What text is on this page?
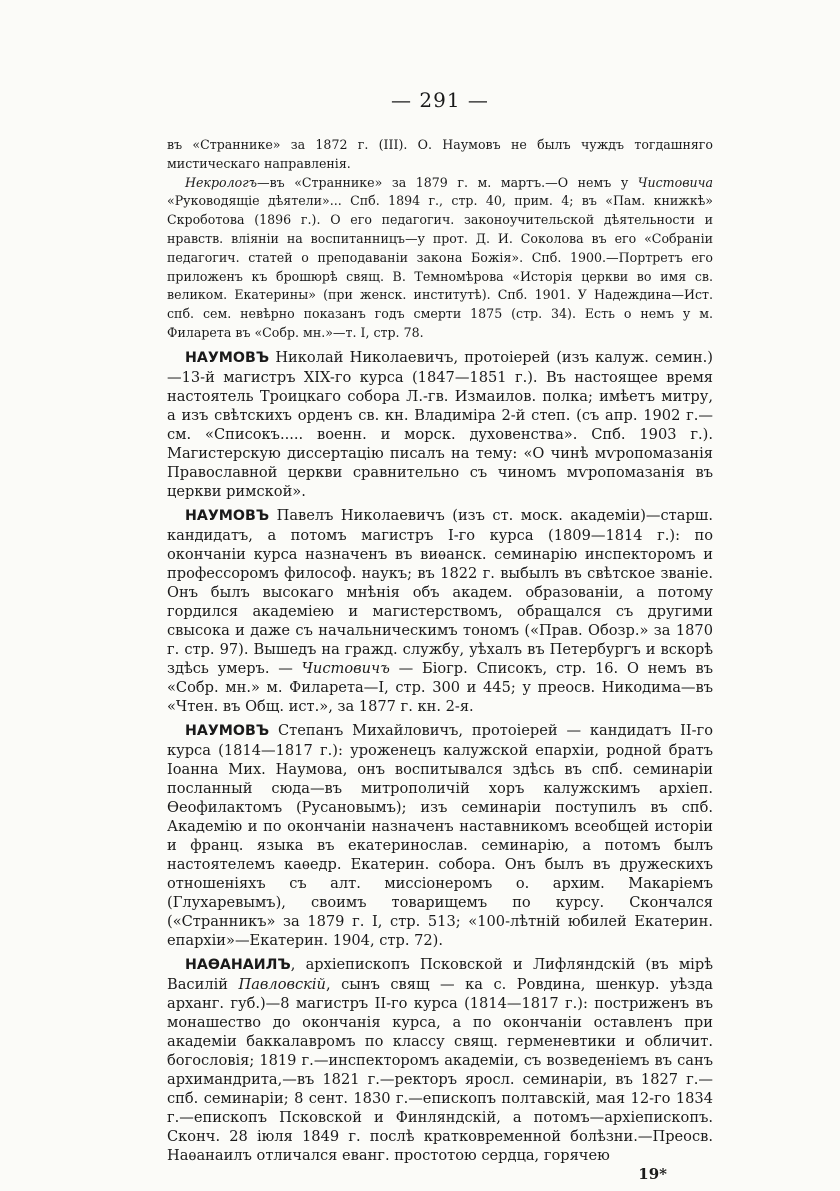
— 291 —

въ «Страннике» за 1872 г. (III). О. Наумовъ не былъ чуждъ тогдашняго мистическаго направленія.

Некрологъ—въ «Страннике» за 1879 г. м. мартъ.—О немъ у Чистовича «Руководящіе дѣятели»... Спб. 1894 г., стр. 40, прим. 4; въ «Пам. книжкѣ» Скроботова (1896 г.). О его педагогич. законоучительской дѣятельности и нравств. вліяніи на воспитанницъ—у прот. Д. И. Соколова въ его «Собраніи педагогич. статей о преподаваніи закона Божія». Спб. 1900.—Портретъ его приложенъ къ брошюрѣ свящ. В. Темномѣрова «Исторія церкви во имя св. великом. Екатерины» (при женск. институтѣ). Спб. 1901. У Надеждина—Ист. спб. сем. невѣрно показанъ годъ смерти 1875 (стр. 34). Есть о немъ у м. Филарета въ «Собр. мн.»—т. I, стр. 78.

НАУМОВЪ Николай Николаевичъ, протоіерей (изъ калуж. семин.)—13-й магистръ XIX-го курса (1847—1851 г.). Въ настоящее время настоятель Троицкаго собора Л.-гв. Измаилов. полка; имѣетъ митру, а изъ свѣтскихъ орденъ св. кн. Владиміра 2-й степ. (съ апр. 1902 г.—см. «Списокъ..... военн. и морск. духовенства». Спб. 1903 г.). Магистерскую диссертацію писалъ на тему: «О чинѣ мѵропомазанія Православной церкви сравнительно съ чиномъ мѵропомазанія въ церкви римской».

НАУМОВЪ Павелъ Николаевичъ (изъ ст. моск. академіи)—старш. кандидатъ, а потомъ магистръ I-го курса (1809—1814 г.): по окончаніи курса назначенъ въ виѳанск. семинарію инспекторомъ и профессоромъ философ. наукъ; въ 1822 г. выбылъ въ свѣтское званіе. Онъ былъ высокаго мнѣнія объ академ. образованіи, а потому гордился академіею и магистерствомъ, обращался съ другими свысока и даже съ начальническимъ тономъ («Прав. Обозр.» за 1870 г. стр. 97). Вышедъ на гражд. службу, уѣхалъ въ Петербургъ и вскорѣ здѣсь умеръ. — Чистовичъ — Біогр. Списокъ, стр. 16. О немъ въ «Собр. мн.» м. Филарета—I, стр. 300 и 445; у преосв. Никодима—въ «Чтен. въ Общ. ист.», за 1877 г. кн. 2-я.

НАУМОВЪ Степанъ Михайловичъ, протоіерей — кандидатъ II-го курса (1814—1817 г.): уроженецъ калужской епархіи, родной братъ Іоанна Мих. Наумова, онъ воспитывался здѣсь въ спб. семинаріи посланный сюда—въ митрополичій хоръ калужскимъ архіеп. Ѳеофилактомъ (Русановымъ); изъ семинаріи поступилъ въ спб. Академію и по окончаніи назначенъ наставникомъ всеобщей исторіи и франц. языка въ екатеринослав. семинарію, а потомъ былъ настоятелемъ каѳедр. Екатерин. собора. Онъ былъ въ дружескихъ отношеніяхъ съ алт. миссіонеромъ о. архим. Макаріемъ (Глухаревымъ), своимъ товарищемъ по курсу. Скончался («Странникъ» за 1879 г. I, стр. 513; «100-лѣтній юбилей Екатерин. епархіи»—Екатерин. 1904, стр. 72).

НАѲАНАИЛЪ, архіепископъ Псковской и Лифляндскій (въ мірѣ Василій Павловскій, сынъ свящ — ка с. Ровдина, шенкур. уѣзда арханг. губ.)—8 магистръ II-го курса (1814—1817 г.): постриженъ въ монашество до окончанія курса, а по окончаніи оставленъ при академіи баккалавромъ по классу свящ. герменевтики и обличит. богословія; 1819 г.—инспекторомъ академіи, съ возведеніемъ въ санъ архимандрита,—въ 1821 г.—ректоръ яросл. семинаріи, въ 1827 г.—спб. семинаріи; 8 сент. 1830 г.—епископъ полтавскій, мая 12-го 1834 г.—епископъ Псковской и Финляндскій, а потомъ—архіепископъ. Сконч. 28 іюля 1849 г. послѣ кратковременной болѣзни.—Преосв. Наѳанаилъ отличался еванг. простотою сердца, горячею

19*
